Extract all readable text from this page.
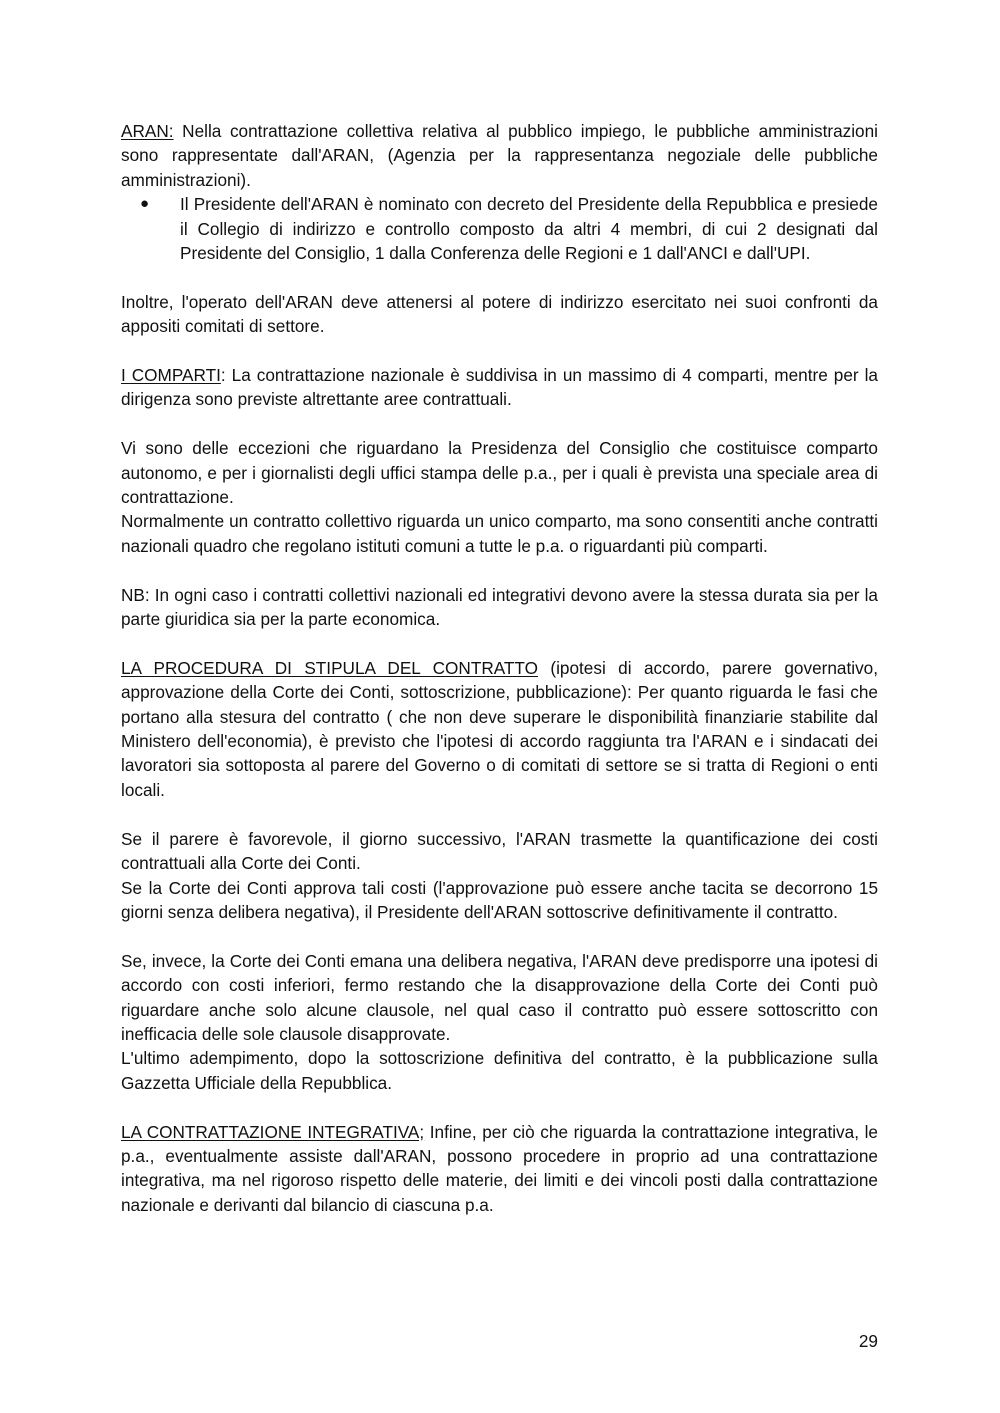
ARAN: Nella contrattazione collettiva relativa al pubblico impiego, le pubbliche amministrazioni sono rappresentate dall'ARAN, (Agenzia per la rappresentanza negoziale delle pubbliche amministrazioni).

● Il Presidente dell'ARAN è nominato con decreto del Presidente della Repubblica e presiede il Collegio di indirizzo e controllo composto da altri 4 membri, di cui 2 designati dal Presidente del Consiglio, 1 dalla Conferenza delle Regioni e 1 dall'ANCI e dall'UPI.

Inoltre, l'operato dell'ARAN deve attenersi al potere di indirizzo esercitato nei suoi confronti da appositi comitati di settore.

I COMPARTI: La contrattazione nazionale è suddivisa in un massimo di 4 comparti, mentre per la dirigenza sono previste altrettante aree contrattuali.

Vi sono delle eccezioni che riguardano la Presidenza del Consiglio che costituisce comparto autonomo, e per i giornalisti degli uffici stampa delle p.a., per i quali è prevista una speciale area di contrattazione.

Normalmente un contratto collettivo riguarda un unico comparto, ma sono consentiti anche contratti nazionali quadro che regolano istituti comuni a tutte le p.a. o riguardanti più comparti.

NB: In ogni caso i contratti collettivi nazionali ed integrativi devono avere la stessa durata sia per la parte giuridica sia per la parte economica.

LA PROCEDURA DI STIPULA DEL CONTRATTO (ipotesi di accordo, parere governativo, approvazione della Corte dei Conti, sottoscrizione, pubblicazione): Per quanto riguarda le fasi che portano alla stesura del contratto ( che non deve superare le disponibilità finanziarie stabilite dal Ministero dell'economia), è previsto che l'ipotesi di accordo raggiunta tra l'ARAN e i sindacati dei lavoratori sia sottoposta al parere del Governo o di comitati di settore se si tratta di Regioni o enti locali.

Se il parere è favorevole, il giorno successivo, l'ARAN trasmette la quantificazione dei costi contrattuali alla Corte dei Conti.

Se la Corte dei Conti approva tali costi (l'approvazione può essere anche tacita se decorrono 15 giorni senza delibera negativa), il Presidente dell'ARAN sottoscrive definitivamente il contratto.

Se, invece, la Corte dei Conti emana una delibera negativa, l'ARAN deve predisporre una ipotesi di accordo con costi inferiori, fermo restando che la disapprovazione della Corte dei Conti può riguardare anche solo alcune clausole, nel qual caso il contratto può essere sottoscritto con inefficacia delle sole clausole disapprovate.

L'ultimo adempimento, dopo la sottoscrizione definitiva del contratto, è la pubblicazione sulla Gazzetta Ufficiale della Repubblica.

LA CONTRATTAZIONE INTEGRATIVA; Infine, per ciò che riguarda la contrattazione integrativa, le p.a., eventualmente assiste dall'ARAN, possono procedere in proprio ad una contrattazione integrativa, ma nel rigoroso rispetto delle materie, dei limiti e dei vincoli posti dalla contrattazione nazionale e derivanti dal bilancio di ciascuna p.a.

29
